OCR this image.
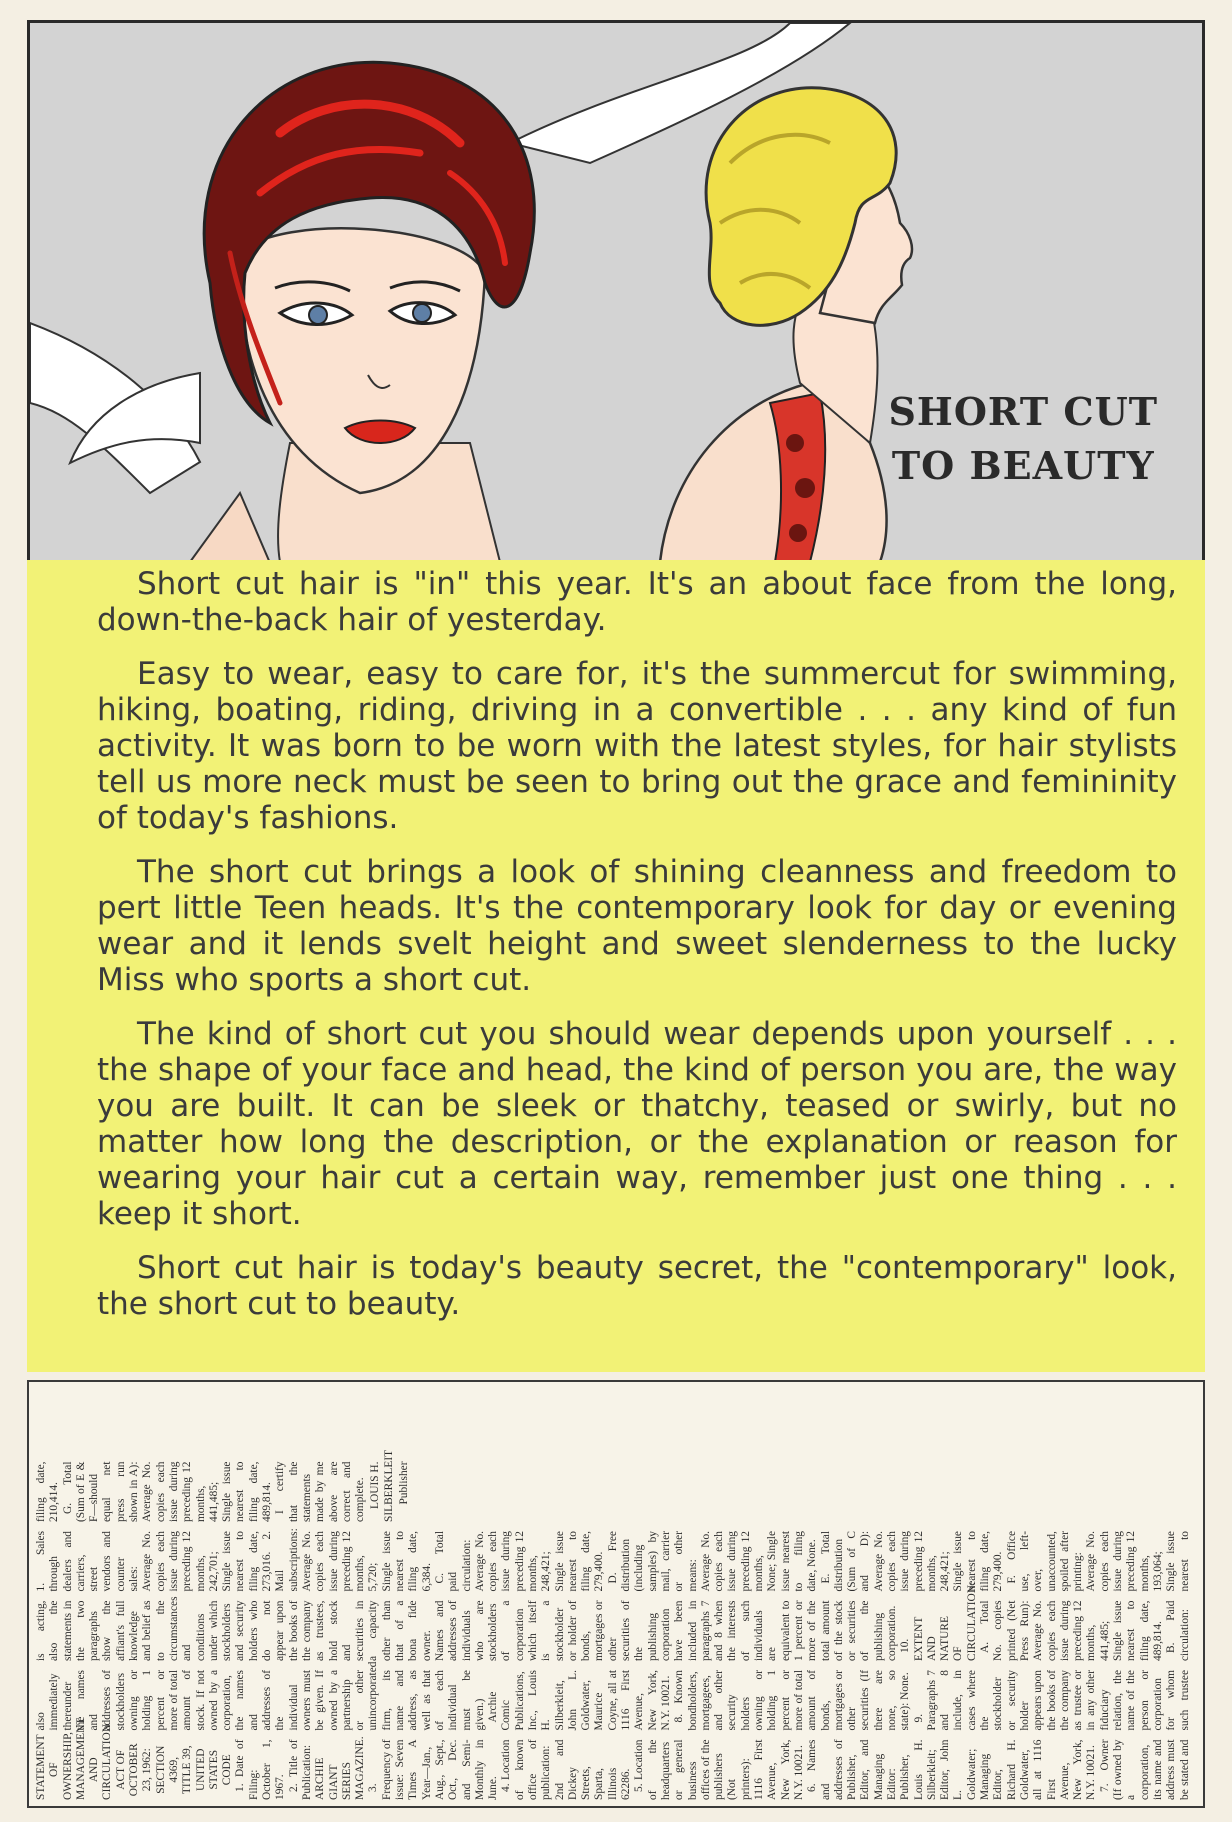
SHORT CUT
TO BEAUTY

Short cut hair is "in" this year. It's an about face from the long, down-the-back hair of yesterday.

Easy to wear, easy to care for, it's the summercut for swimming, hiking, boating, riding, driving in a convertible . . . any kind of fun activity. It was born to be worn with the latest styles, for hair stylists tell us more neck must be seen to bring out the grace and femininity of today's fashions.

The short cut brings a look of shining cleanness and freedom to pert little Teen heads. It's the contemporary look for day or evening wear and it lends svelt height and sweet slenderness to the lucky Miss who sports a short cut.

The kind of short cut you should wear depends upon yourself . . . the shape of your face and head, the kind of person you are, the way you are built. It can be sleek or thatchy, teased or swirly, but no matter how long the description, or the explanation or reason for wearing your hair cut a certain way, remember just one thing . . . keep it short.

Short cut hair is today's beauty secret, the "contemporary" look, the short cut to beauty.

STATEMENT OF OWNERSHIP, MANAGEMENT AND CIRCULATION ACT OF OCTOBER 23, 1962: SECTION 4369, TITLE 39, UNITED STATES CODE 1. Date of Filing: October 1, 1967. 2. Title of Publication: ARCHIE GIANT SERIES MAGAZINE. 3. Frequency of issue: Seven Times A Year—Jan., Aug., Sept., Oct., Dec. and Semi-Monthly in June. 4. Location of known office of publication: 2nd and Dickey Streets, Sparta, Illinois 62286. 5. Location of the headquarters or general business offices of the publishers (Not printers): 1116 First Avenue, New York, N.Y. 10021. 6. Names and addresses of Publisher, Editor, and Managing Editor: Publisher, Louis H. Silberkleit; Editor, John L. Goldwater; Managing Editor, Richard H. Goldwater, all at 1116 First Avenue, New York, N.Y. 10021. 7. Owner (If owned by a corporation, its name and address must be stated and also immediately thereunder the names and addresses of stockholders owning or holding 1 percent or more of total amount of stock. If not owned by a corporation, the names and addresses of the individual owners must be given. If owned by a partnership or other unincorporated firm, its name and address, as well as that of each individual must be given.) Archie Comic Publications, Inc., Louis H. Silberkleit, John L. Goldwater, Maurice Coyne, all at 1116 First Avenue, New York, N.Y. 10021. 8. Known bondholders, mortgagees, and other security holders owning or holding 1 percent or more of total amount of bonds, mortgages or other securities (If there are none, so state): None. 9. Paragraphs 7 and 8 include, in cases where the stockholder or security holder appears upon the books of the company as trustee or in any other fiduciary relation, the name of the person or corporation for whom such trustee is acting, also the statements in the two paragraphs show the affiant's full knowledge and belief as to the circumstances and conditions under which stockholders and security holders who do not appear upon the books of the company as trustees, hold stock and securities in a capacity other than that of a bona fide owner. Names and addresses of individuals who are stockholders of a corporation which itself is a stockholder or holder of bonds, mortgages or other securities of the publishing corporation have been included in paragraphs 7 and 8 when the interests of such individuals are equivalent to 1 percent or more of the total amount of the stock or securities of the publishing corporation. 10. EXTENT AND NATURE OF CIRCULATION: A. Total No. copies printed (Net Press Run): Average No. copies each issue during preceding 12 months, 441,485; Single issue nearest to filing date, 489,814. B. Paid circulation: 1. Sales through dealers and carriers, street vendors and counter sales: Average No. copies each issue during preceding 12 months, 242,701; Single issue nearest to filing date, 273,016. 2. Mail subscriptions: Average No. copies each issue during preceding 12 months, 5,720; Single issue nearest to filing date, 6,384. C. Total paid circulation: Average No. copies each issue during preceding 12 months, 248,421; Single issue nearest to filing date, 279,400. D. Free distribution (including samples) by mail, carrier or other means: Average No. copies each issue during preceding 12 months, None; Single issue nearest to filing date, None. E. Total distribution (Sum of C and D): Average No. copies each issue during preceding 12 months, 248,421; Single issue nearest to filing date, 279,400. F. Office use, left-over, unaccounted, spoiled after printing: Average No. copies each issue during preceding 12 months, 193,064; Single issue nearest to filing date, 210,414. G. Total (Sum of E & F—should equal net press run shown in A): Average No. copies each issue during preceding 12 months, 441,485; Single issue nearest to filing date, 489,814. I certify that the statements made by me above are correct and complete. LOUIS H. SILBERKLEIT Publisher
